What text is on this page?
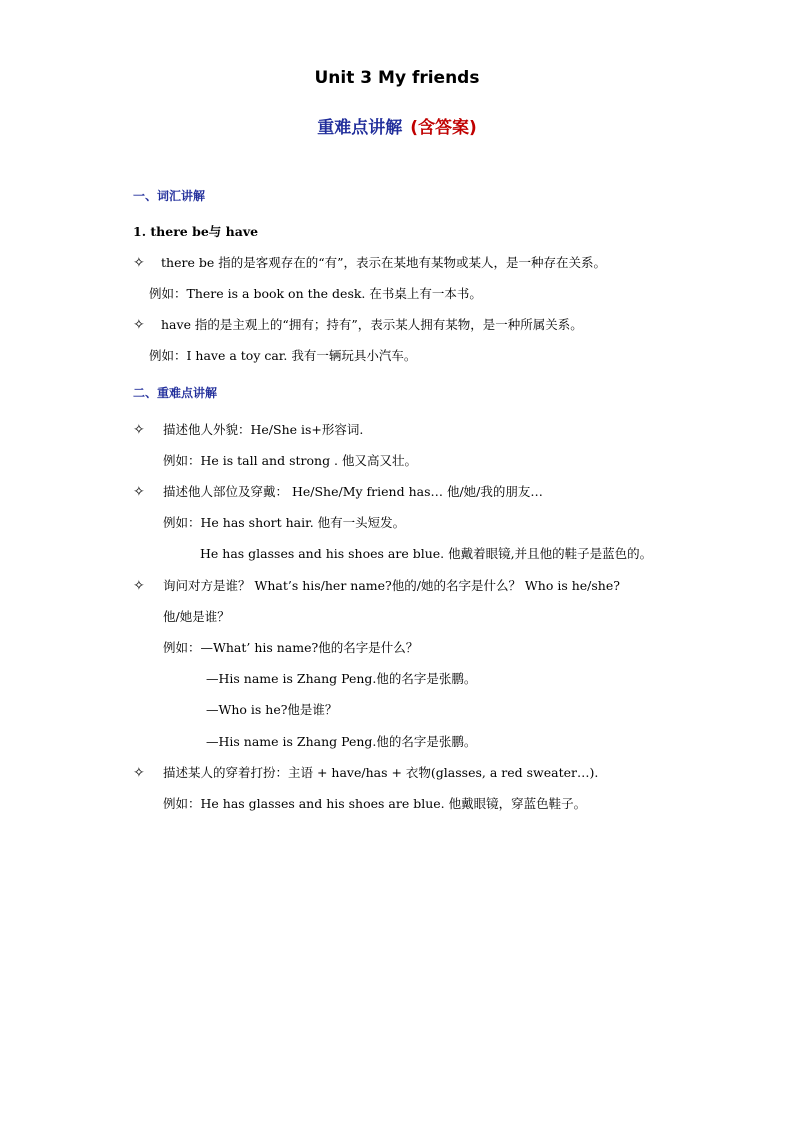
Unit 3 My friends
重难点讲解 (含答案)
一、词汇讲解
1. there be与 have
✧ there be 指的是客观存在的“有”，表示在某地有某物或某人，是一种存在关系。
例如：There is a book on the desk. 在书桌上有一本书。
✧ have 指的是主观上的“拥有；持有”，表示某人拥有某物，是一种所属关系。
例如：I have a toy car. 我有一辆玩具小汽车。
二、重难点讲解
✧ 描述他人外貌：He/She is+形容词.
例如：He is tall and strong . 他又高又壮。
✧ 描述他人部位及穿戴： He/She/My friend has… 他/她/我的朋友…
例如：He has short hair. 他有一头短发。
He has glasses and his shoes are blue. 他戴着眼镜,并且他的鞋子是蓝色的。
✧ 询问对方是谁？ What’s his/her name?他的/她的名字是什么？ Who is he/she?
他/她是谁？
例如：—What’ his name?他的名字是什么？
—His name is Zhang Peng.他的名字是张鹏。
—Who is he?他是谁？
—His name is Zhang Peng.他的名字是张鹏。
✧ 描述某人的穿着打扮：主语 + have/has + 衣物(glasses, a red sweater…).
例如：He has glasses and his shoes are blue. 他戴眼镜，穿蓝色鞋子。
